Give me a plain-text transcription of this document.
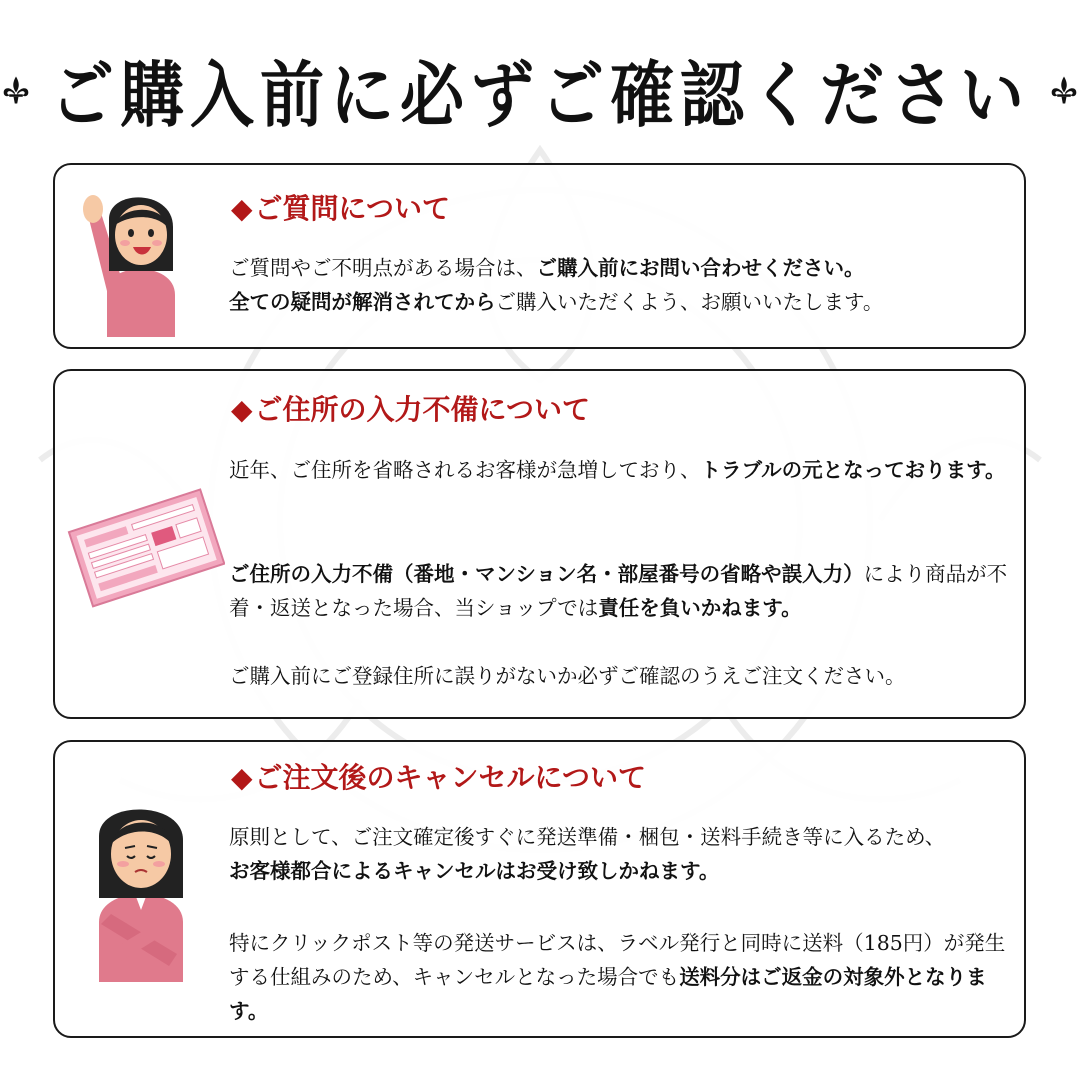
ご購入前に必ずご確認ください
◆ご質問について
ご質問やご不明点がある場合は、ご購入前にお問い合わせください。
全ての疑問が解消されてからご購入いただくよう、お願いいたします。
◆ご住所の入力不備について
近年、ご住所を省略されるお客様が急増しており、トラブルの元となっております。
ご住所の入力不備（番地・マンション名・部屋番号の省略や誤入力）により商品が不着・返送となった場合、当ショップでは責任を負いかねます。
ご購入前にご登録住所に誤りがないか必ずご確認のうえご注文ください。
◆ご注文後のキャンセルについて
原則として、ご注文確定後すぐに発送準備・梱包・送料手続き等に入るため、
お客様都合によるキャンセルはお受け致しかねます。
特にクリックポスト等の発送サービスは、ラベル発行と同時に送料（185円）が発生する仕組みのため、キャンセルとなった場合でも送料分はご返金の対象外となります。
